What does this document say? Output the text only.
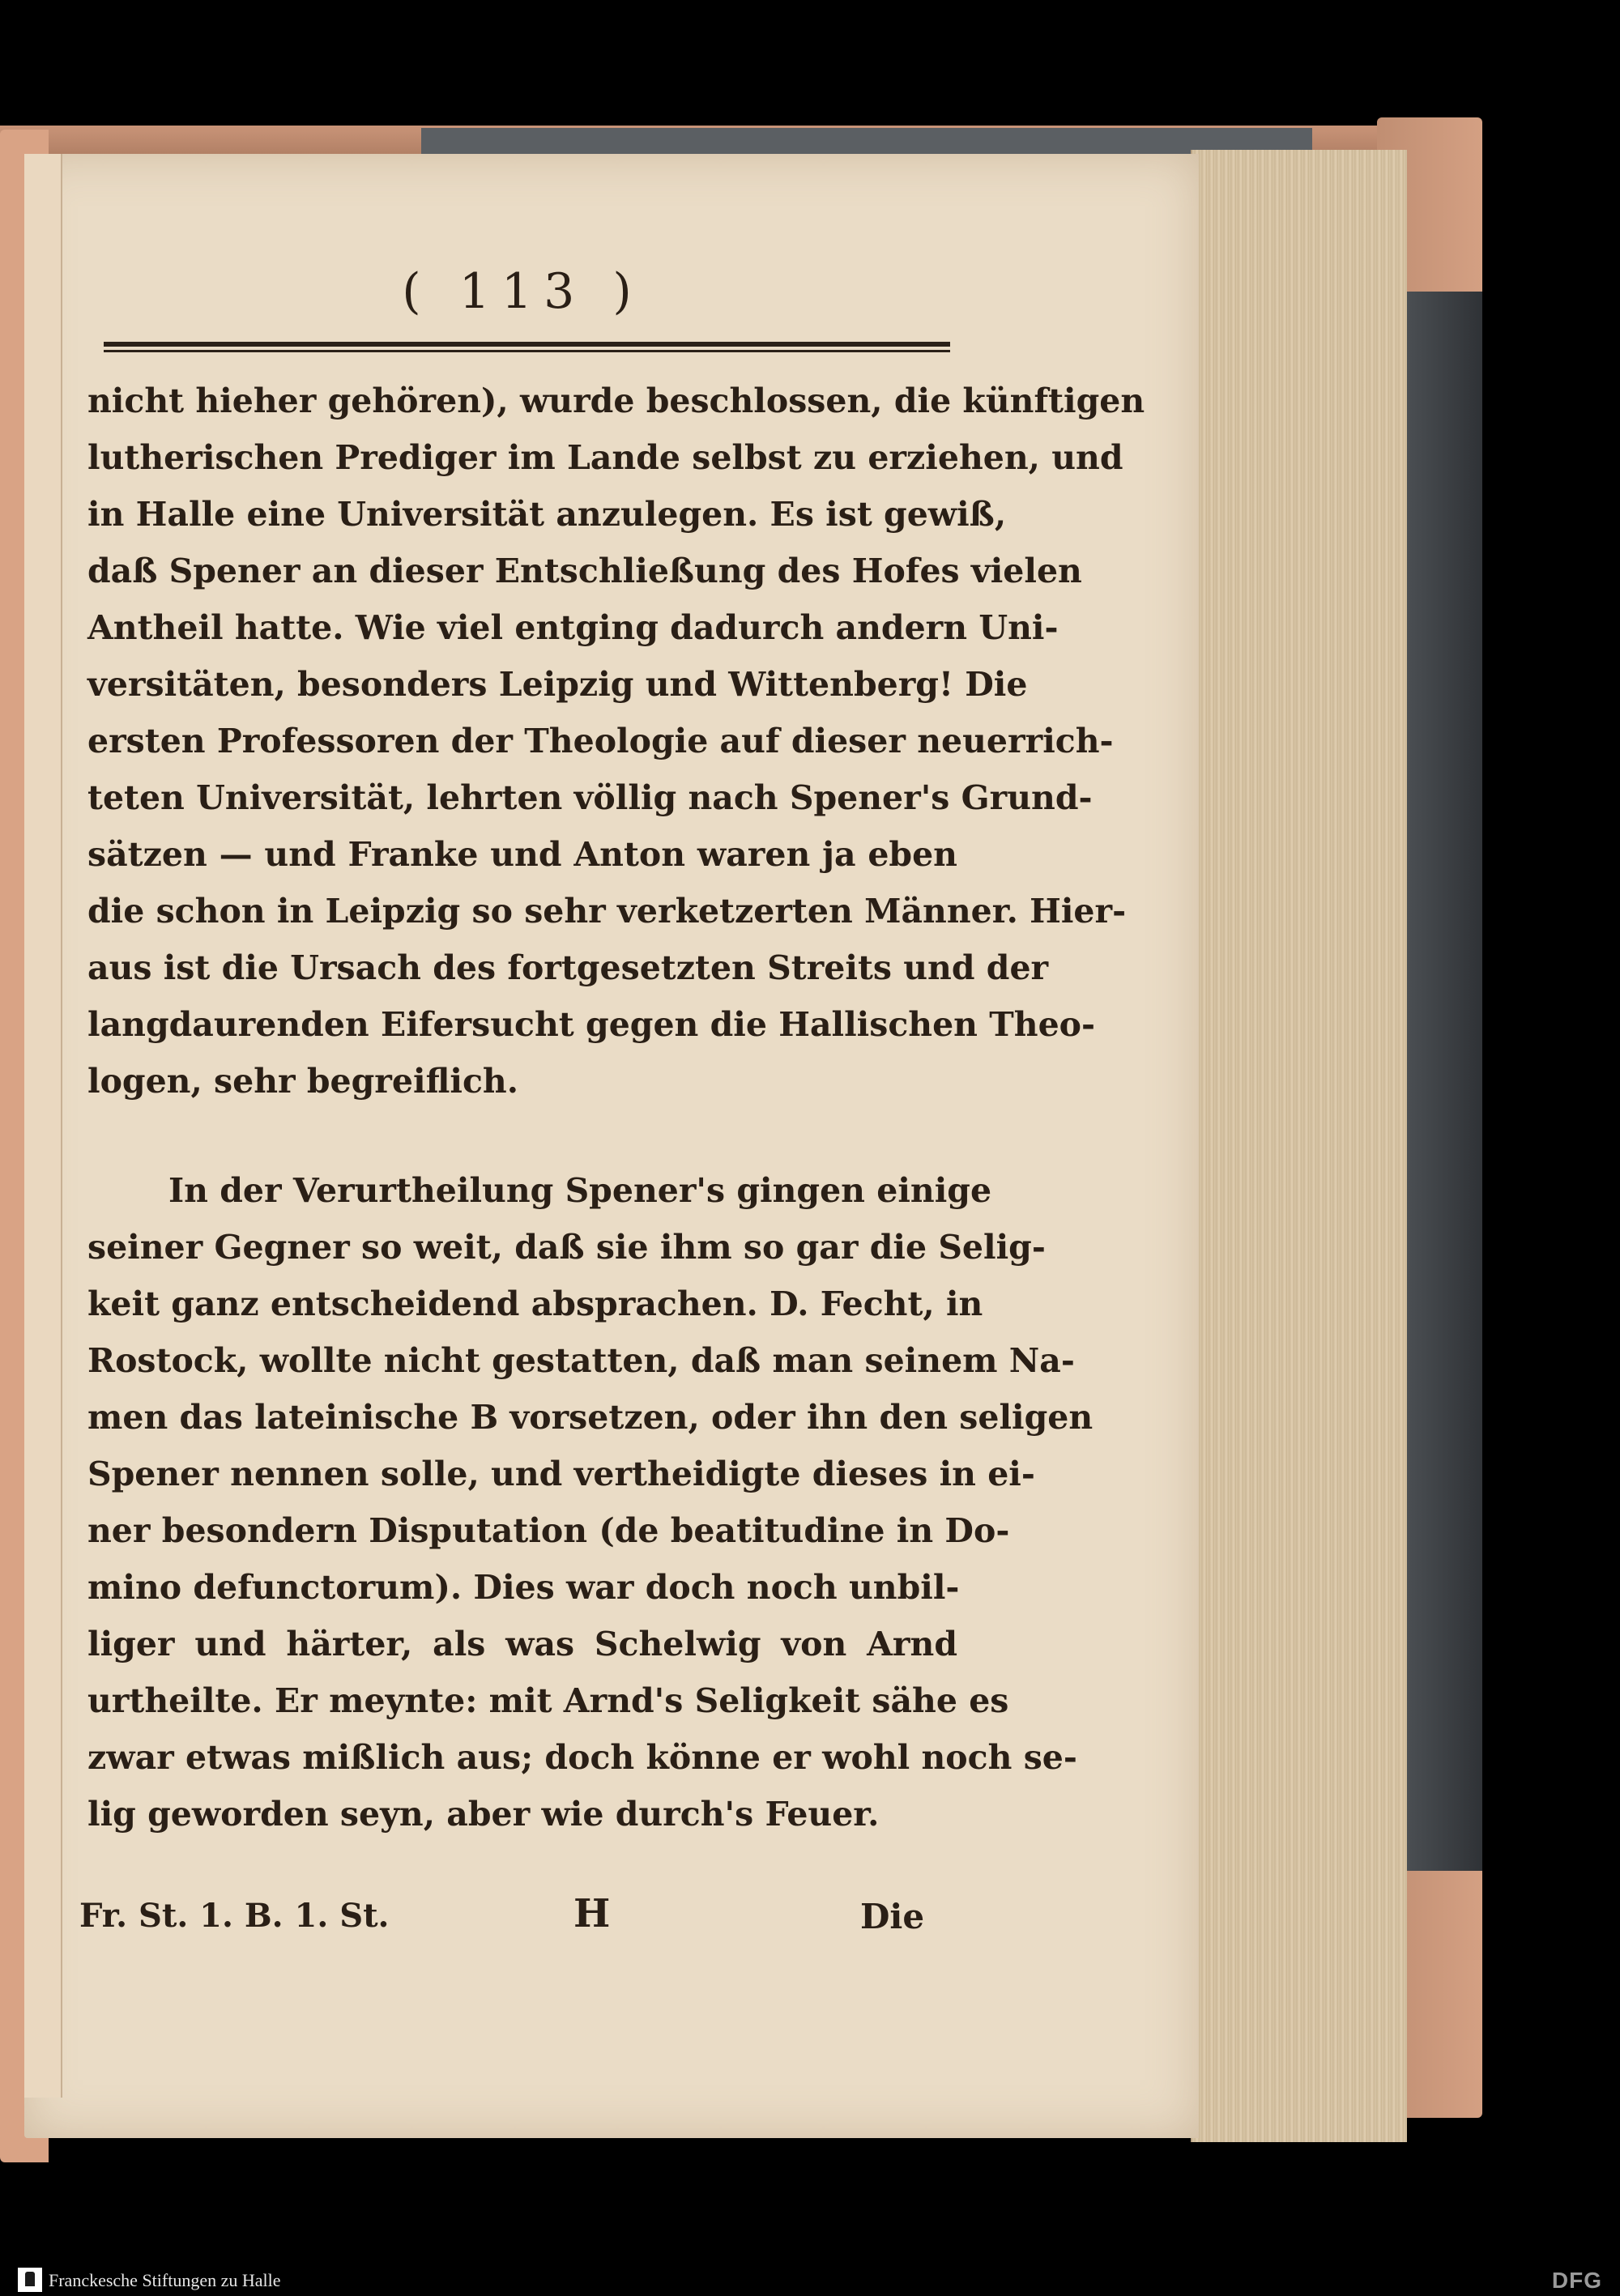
( 113 )
nicht hieher gehören), wurde beschlossen, die künftigen
lutherischen Prediger im Lande selbst zu erziehen, und
in Halle eine Universität anzulegen. Es ist gewiß,
daß Spener an dieser Entschließung des Hofes vielen
Antheil hatte. Wie viel entging dadurch andern Uni-
versitäten, besonders Leipzig und Wittenberg! Die
ersten Professoren der Theologie auf dieser neuerrich-
teten Universität, lehrten völlig nach Spener's Grund-
sätzen — und Franke und Anton waren ja eben
die schon in Leipzig so sehr verketzerten Männer. Hier-
aus ist die Ursach des fortgesetzten Streits und der
langdaurenden Eifersucht gegen die Hallischen Theo-
logen, sehr begreiflich.
In der Verurtheilung Spener's gingen einige
seiner Gegner so weit, daß sie ihm so gar die Selig-
keit ganz entscheidend absprachen. D. Fecht, in
Rostock, wollte nicht gestatten, daß man seinem Na-
men das lateinische B vorsetzen, oder ihn den seligen
Spener nennen solle, und vertheidigte dieses in ei-
ner besondern Disputation (de beatitudine in Do-
mino defunctorum). Dies war doch noch unbil-
liger und härter, als was Schelwig von Arnd
urtheilte. Er meynte: mit Arnd's Seligkeit sähe es
zwar etwas mißlich aus; doch könne er wohl noch se-
lig geworden seyn, aber wie durch's Feuer.
Fr. St. 1. B. 1. St.	H	Die
Franckesche Stiftungen zu Halle	DFG
